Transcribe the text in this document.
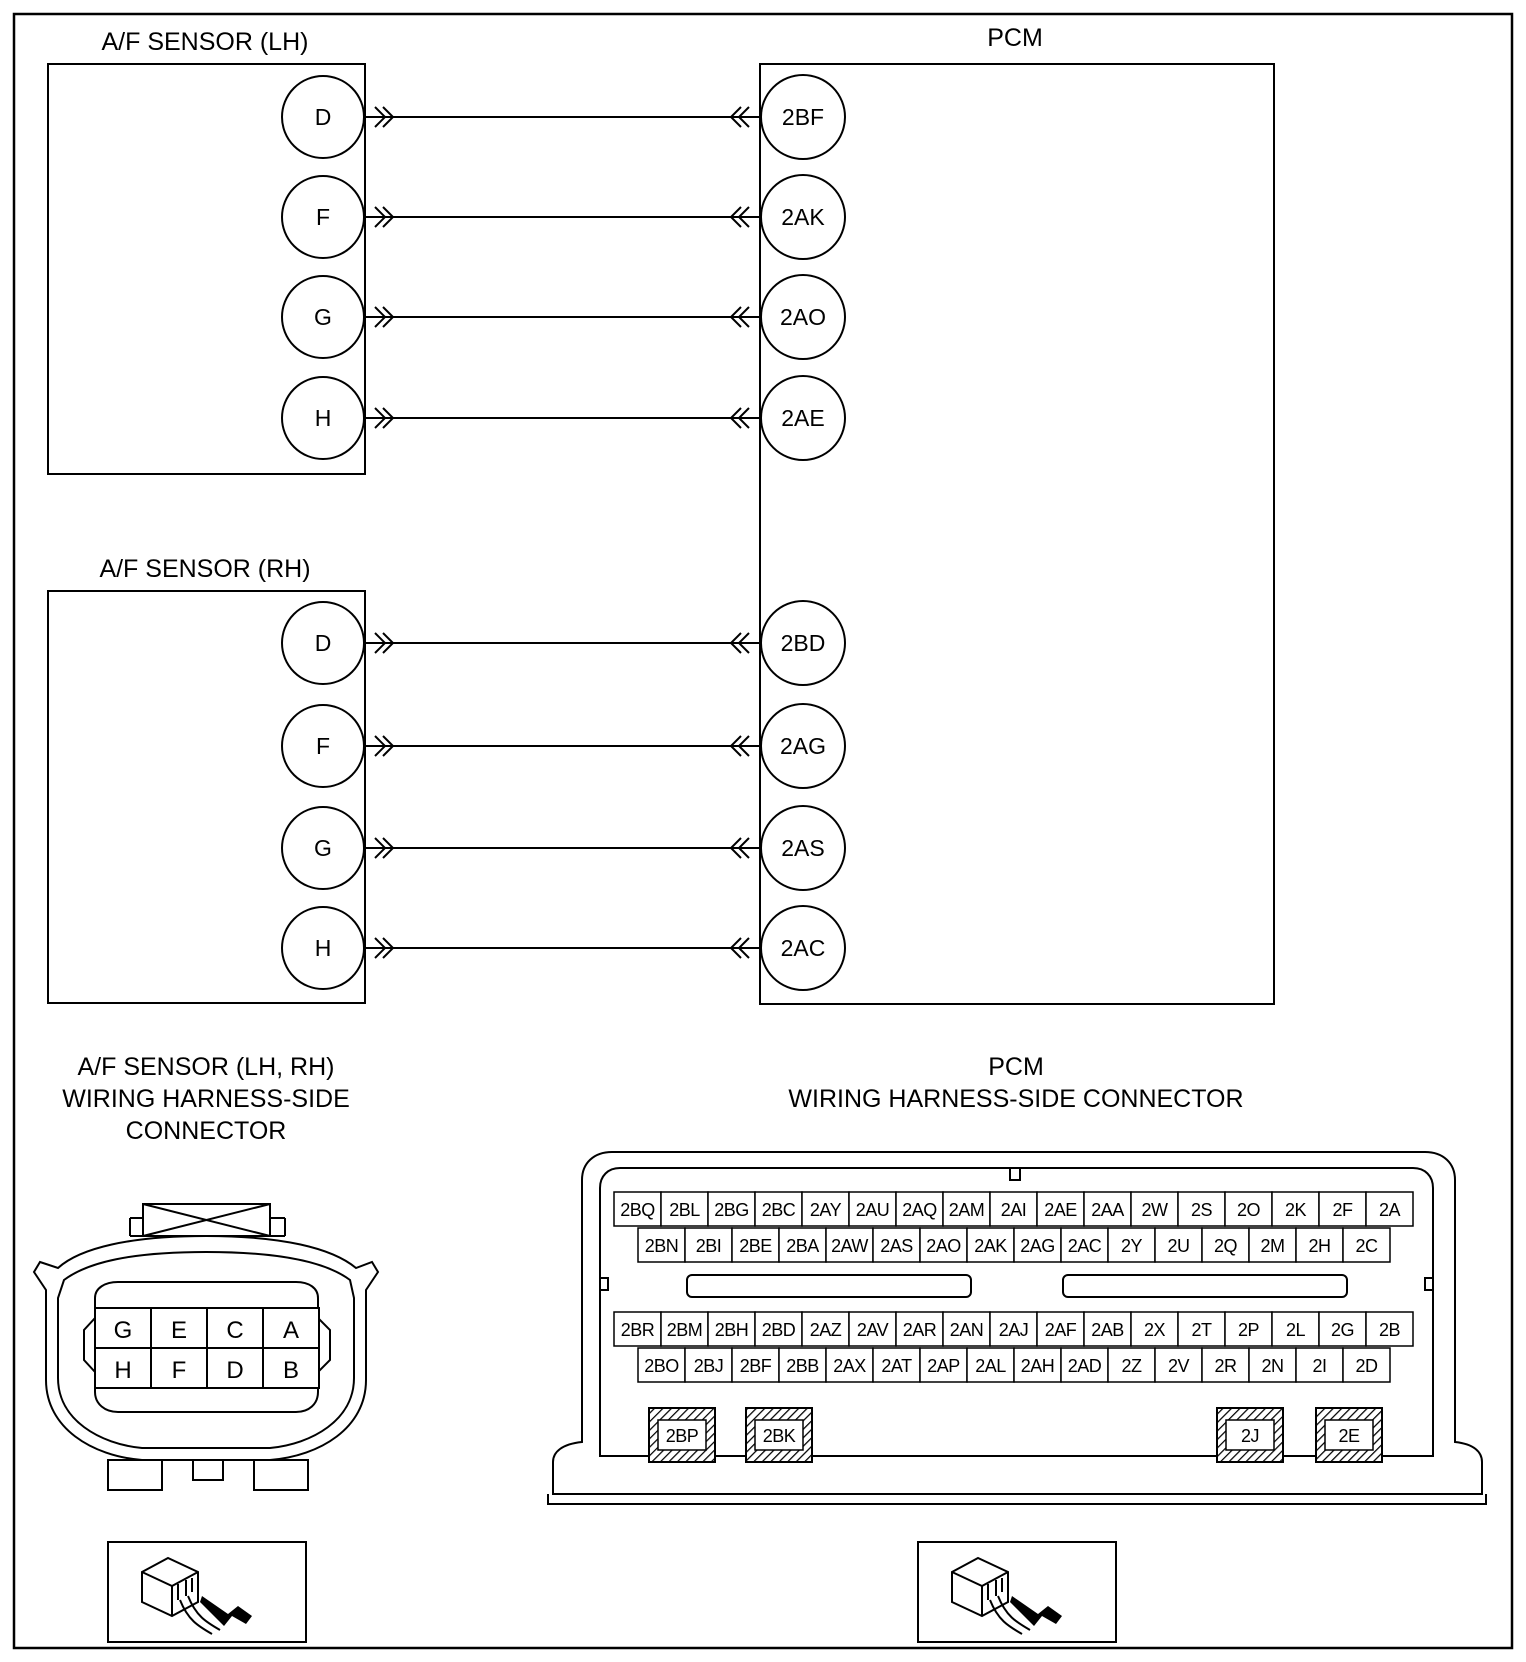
A/F SENSOR (LH)	PCM
A/F SENSOR (RH)
D	2BF
F	2AK
G	2AO
H	2AE
D	2BD
F	2AG
G	2AS
H	2AC
A/F SENSOR (LH, RH)
WIRING HARNESS-SIDE
CONNECTOR
PCM
WIRING HARNESS-SIDE CONNECTOR
G E C A
H F D B
2BQ 2BL 2BG 2BC 2AY 2AU 2AQ 2AM 2AI 2AE 2AA 2W 2S 2O 2K 2F 2A
2BN 2BI 2BE 2BA 2AW 2AS 2AO 2AK 2AG 2AC 2Y 2U 2Q 2M 2H 2C
2BR 2BM 2BH 2BD 2AZ 2AV 2AR 2AN 2AJ 2AF 2AB 2X 2T 2P 2L 2G 2B
2BO 2BJ 2BF 2BB 2AX 2AT 2AP 2AL 2AH 2AD 2Z 2V 2R 2N 2I 2D
2BP	2BK	2J	2E
